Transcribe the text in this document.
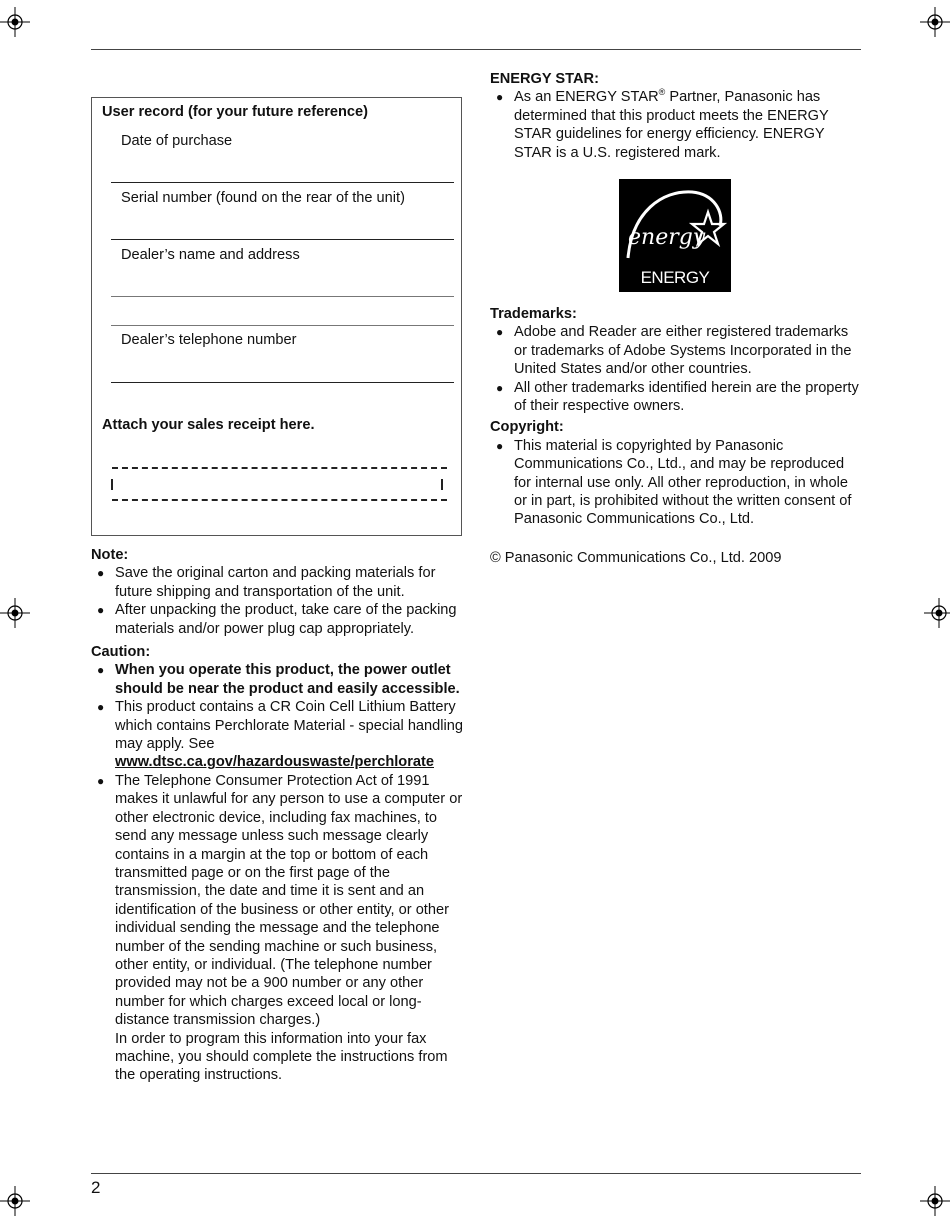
User record (for your future reference)
Date of purchase
Serial number (found on the rear of the unit)
Dealer’s name and address
Dealer’s telephone number
Attach your sales receipt here.
Note:
● Save the original carton and packing materials for future shipping and transportation of the unit.
● After unpacking the product, take care of the packing materials and/or power plug cap appropriately.
Caution:
● When you operate this product, the power outlet should be near the product and easily accessible.
● This product contains a CR Coin Cell Lithium Battery which contains Perchlorate Material - special handling may apply. See
www.dtsc.ca.gov/hazardouswaste/perchlorate
● The Telephone Consumer Protection Act of 1991 makes it unlawful for any person to use a computer or other electronic device, including fax machines, to send any message unless such message clearly contains in a margin at the top or bottom of each transmitted page or on the first page of the transmission, the date and time it is sent and an identification of the business or other entity, or other individual sending the message and the telephone number of the sending machine or such business, other entity, or individual. (The telephone number provided may not be a 900 number or any other number for which charges exceed local or long-distance transmission charges.)
In order to program this information into your fax machine, you should complete the instructions from the operating instructions.
ENERGY STAR:
● As an ENERGY STAR® Partner, Panasonic has determined that this product meets the ENERGY STAR guidelines for energy efficiency. ENERGY STAR is a U.S. registered mark.
energy
ENERGY STAR
Trademarks:
● Adobe and Reader are either registered trademarks or trademarks of Adobe Systems Incorporated in the United States and/or other countries.
● All other trademarks identified herein are the property of their respective owners.
Copyright:
● This material is copyrighted by Panasonic Communications Co., Ltd., and may be reproduced for internal use only. All other reproduction, in whole or in part, is prohibited without the written consent of Panasonic Communications Co., Ltd.
© Panasonic Communications Co., Ltd. 2009
2
